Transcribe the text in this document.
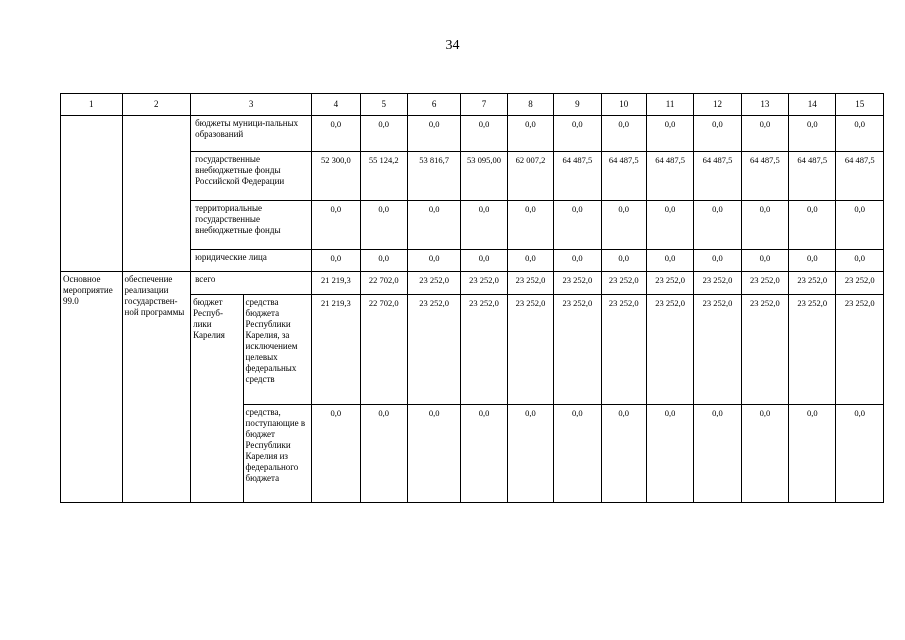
34
1	2	3		4	5	6	7	8	9	10	11	12	13	14	15
		бюджеты муници-пальных образований		0,0	0,0	0,0	0,0	0,0	0,0	0,0	0,0	0,0	0,0	0,0	0,0
		государственные внебюджетные фонды Российской Федерации		52 300,0	55 124,2	53 816,7	53 095,00	62 007,2	64 487,5	64 487,5	64 487,5	64 487,5	64 487,5	64 487,5	64 487,5
		территориальные государственные внебюджетные фонды		0,0	0,0	0,0	0,0	0,0	0,0	0,0	0,0	0,0	0,0	0,0	0,0
		юридические лица		0,0	0,0	0,0	0,0	0,0	0,0	0,0	0,0	0,0	0,0	0,0	0,0
Основное мероприятие 99.0	обеспечение реализации государствен-ной программы	всего		21 219,3	22 702,0	23 252,0	23 252,0	23 252,0	23 252,0	23 252,0	23 252,0	23 252,0	23 252,0	23 252,0	23 252,0
		бюджет Респуб-лики Карелия	средства бюджета Республики Карелия, за исключением целевых федеральных средств	21 219,3	22 702,0	23 252,0	23 252,0	23 252,0	23 252,0	23 252,0	23 252,0	23 252,0	23 252,0	23 252,0	23 252,0
			средства, поступающие в бюджет Республики Карелия из федерального бюджета	0,0	0,0	0,0	0,0	0,0	0,0	0,0	0,0	0,0	0,0	0,0	0,0
